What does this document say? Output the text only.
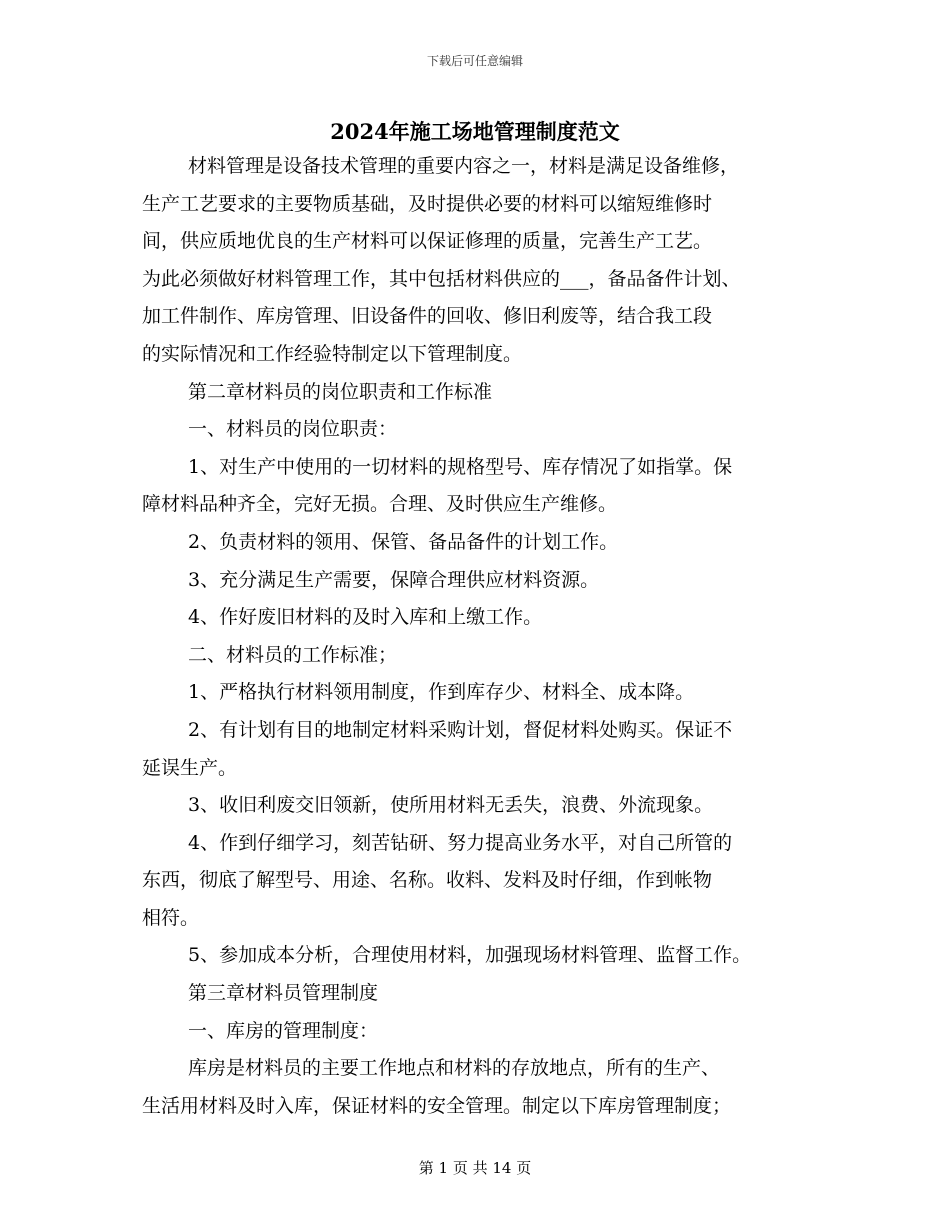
下载后可任意编辑
2024年施工场地管理制度范文

材料管理是设备技术管理的重要内容之一，材料是满足设备维修，

生产工艺要求的主要物质基础，及时提供必要的材料可以缩短维修时

间，供应质地优良的生产材料可以保证修理的质量，完善生产工艺。

为此必须做好材料管理工作，其中包括材料供应的___，备品备件计划、

加工件制作、库房管理、旧设备件的回收、修旧利废等，结合我工段

的实际情况和工作经验特制定以下管理制度。

第二章材料员的岗位职责和工作标准

一、材料员的岗位职责：

1、对生产中使用的一切材料的规格型号、库存情况了如指掌。保

障材料品种齐全，完好无损。合理、及时供应生产维修。

2、负责材料的领用、保管、备品备件的计划工作。

3、充分满足生产需要，保障合理供应材料资源。

4、作好废旧材料的及时入库和上缴工作。

二、材料员的工作标准；

1、严格执行材料领用制度，作到库存少、材料全、成本降。

2、有计划有目的地制定材料采购计划，督促材料处购买。保证不

延误生产。

3、收旧利废交旧领新，使所用材料无丢失，浪费、外流现象。

4、作到仔细学习，刻苦钻研、努力提高业务水平，对自己所管的

东西，彻底了解型号、用途、名称。收料、发料及时仔细，作到帐物

相符。

5、参加成本分析，合理使用材料，加强现场材料管理、监督工作。

第三章材料员管理制度

一、库房的管理制度：

库房是材料员的主要工作地点和材料的存放地点，所有的生产、

生活用材料及时入库，保证材料的安全管理。制定以下库房管理制度；

第 1 页 共 14 页
